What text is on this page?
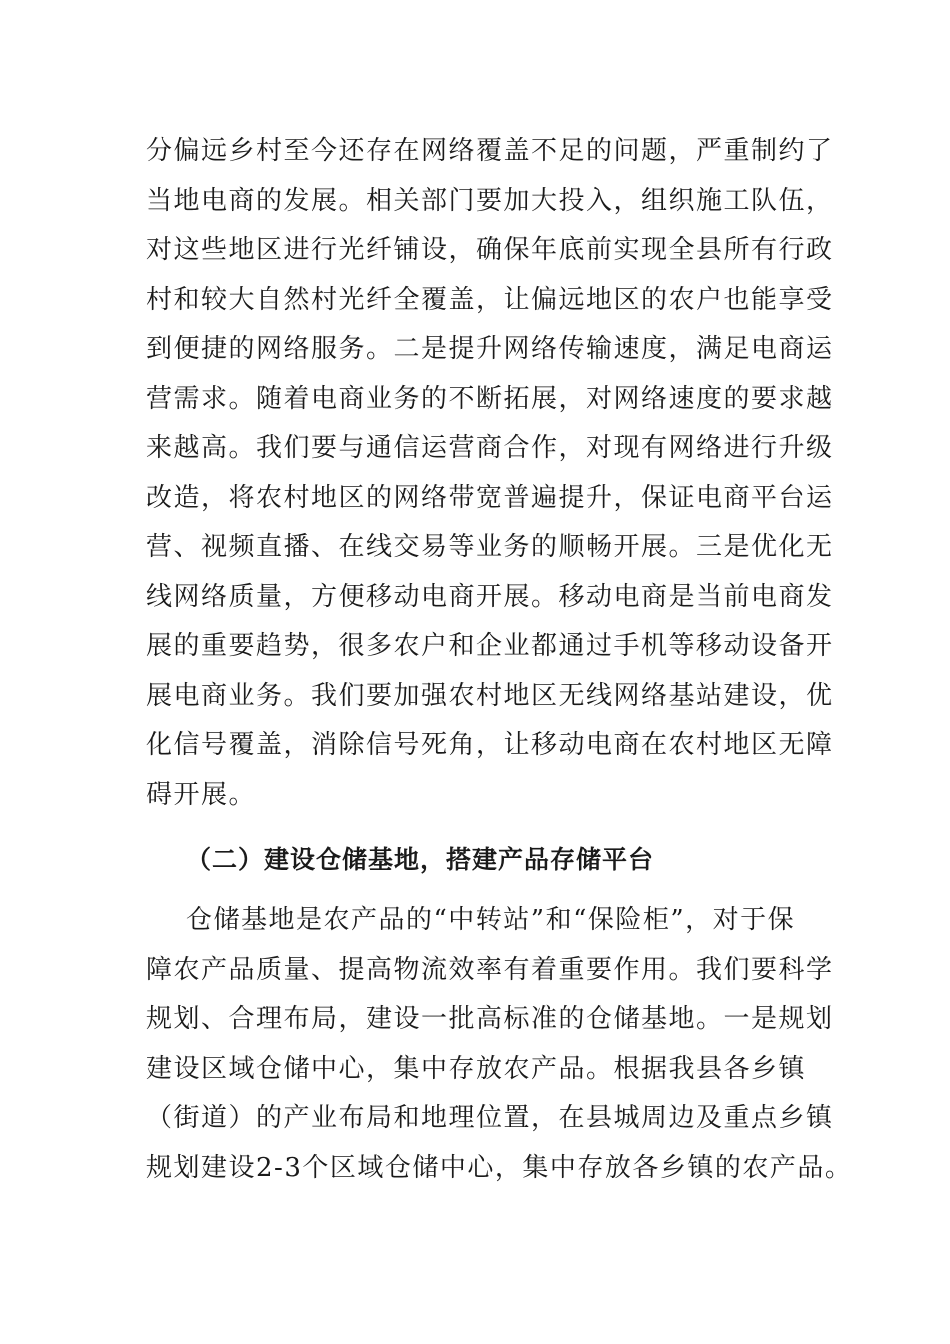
分偏远乡村至今还存在网络覆盖不足的问题，严重制约了
当地电商的发展。相关部门要加大投入，组织施工队伍，
对这些地区进行光纤铺设，确保年底前实现全县所有行政
村和较大自然村光纤全覆盖，让偏远地区的农户也能享受
到便捷的网络服务。二是提升网络传输速度，满足电商运
营需求。随着电商业务的不断拓展，对网络速度的要求越
来越高。我们要与通信运营商合作，对现有网络进行升级
改造，将农村地区的网络带宽普遍提升，保证电商平台运
营、视频直播、在线交易等业务的顺畅开展。三是优化无
线网络质量，方便移动电商开展。移动电商是当前电商发
展的重要趋势，很多农户和企业都通过手机等移动设备开
展电商业务。我们要加强农村地区无线网络基站建设，优
化信号覆盖，消除信号死角，让移动电商在农村地区无障
碍开展。
（二）建设仓储基地，搭建产品存储平台
仓储基地是农产品的“中转站”和“保险柜”，对于保
障农产品质量、提高物流效率有着重要作用。我们要科学
规划、合理布局，建设一批高标准的仓储基地。一是规划
建设区域仓储中心，集中存放农产品。根据我县各乡镇
（街道）的产业布局和地理位置，在县城周边及重点乡镇
规划建设2-3个区域仓储中心，集中存放各乡镇的农产品。
